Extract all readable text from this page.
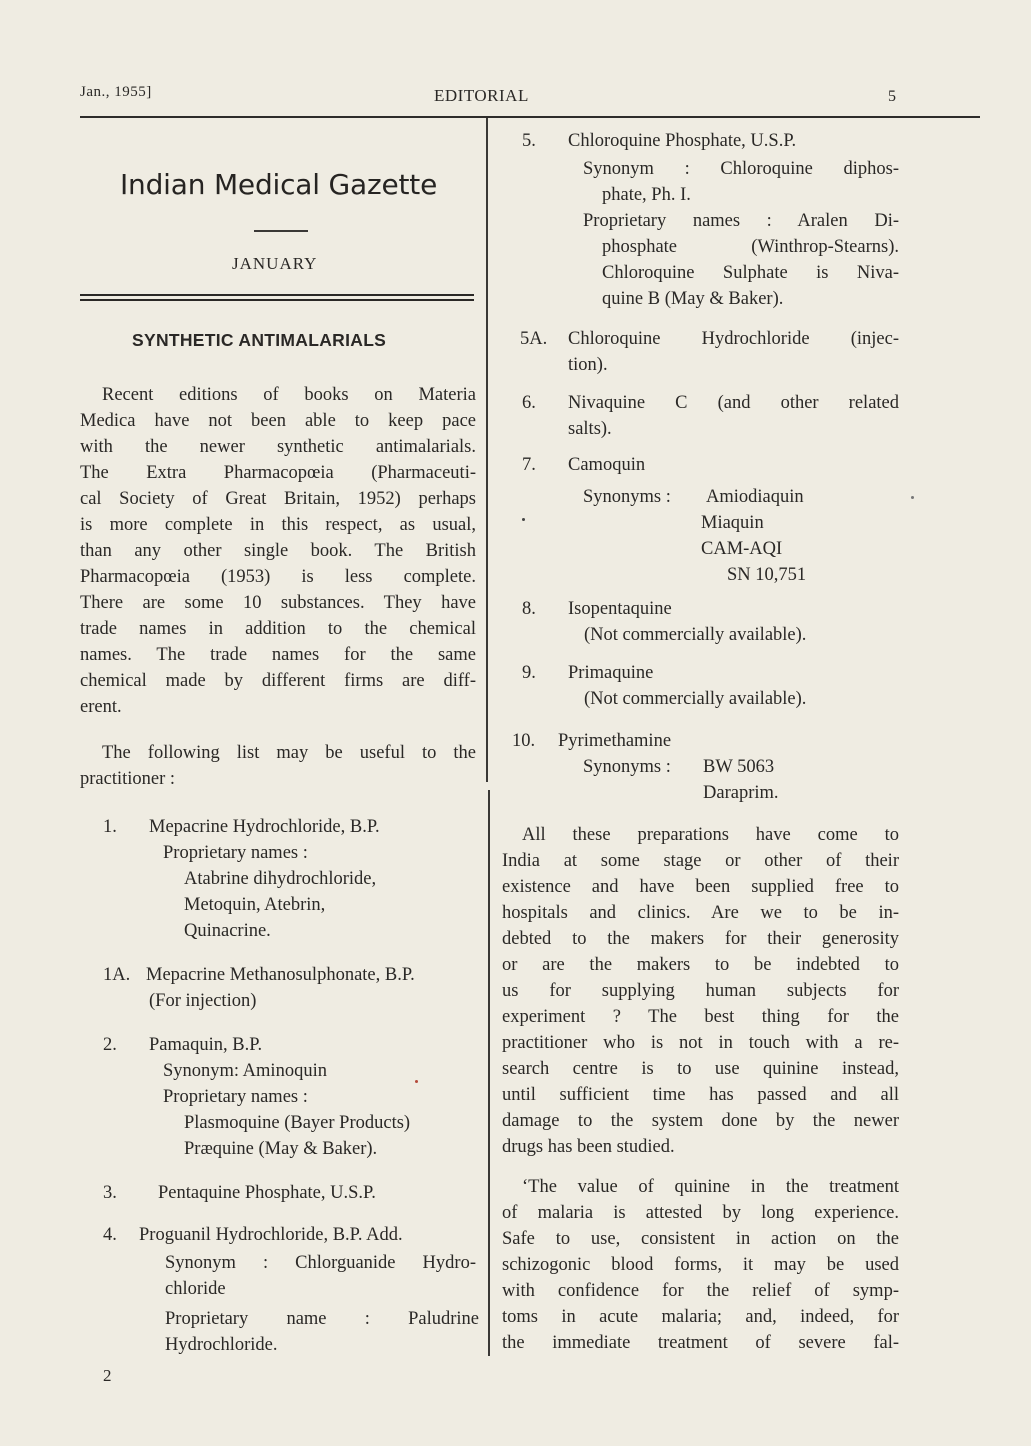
Jan., 1955]	EDITORIAL	5
Indian Medical Gazette
JANUARY
SYNTHETIC ANTIMALARIALS
Recent editions of books on Materia
Medica have not been able to keep pace
with the newer synthetic antimalarials.
The Extra Pharmacopœia (Pharmaceuti-
cal Society of Great Britain, 1952) perhaps
is more complete in this respect, as usual,
than any other single book. The British
Pharmacopœia (1953) is less complete.
There are some 10 substances. They have
trade names in addition to the chemical
names. The trade names for the same
chemical made by different firms are diff-
erent.
The following list may be useful to the
practitioner :
1. Mepacrine Hydrochloride, B.P.
Proprietary names :
Atabrine dihydrochloride,
Metoquin, Atebrin,
Quinacrine.
1A. Mepacrine Methanosulphonate, B.P.
(For injection)
2. Pamaquin, B.P.
Synonym: Aminoquin
Proprietary names :
Plasmoquine (Bayer Products)
Præquine (May & Baker).
3. Pentaquine Phosphate, U.S.P.
4. Proguanil Hydrochloride, B.P. Add.
Synonym : Chlorguanide Hydro-
chloride
Proprietary name : Paludrine
Hydrochloride.
2
5. Chloroquine Phosphate, U.S.P.
Synonym : Chloroquine diphos-
phate, Ph. I.
Proprietary names : Aralen Di-
phosphate (Winthrop-Stearns).
Chloroquine Sulphate is Niva-
quine B (May & Baker).
5A. Chloroquine Hydrochloride (injec-
tion).
6. Nivaquine C (and other related
salts).
7. Camoquin
Synonyms : Amiodiaquin
Miaquin
CAM-AQI
SN 10,751
8. Isopentaquine
(Not commercially available).
9. Primaquine
(Not commercially available).
10. Pyrimethamine
Synonyms : BW 5063
Daraprim.
All these preparations have come to
India at some stage or other of their
existence and have been supplied free to
hospitals and clinics. Are we to be in-
debted to the makers for their generosity
or are the makers to be indebted to
us for supplying human subjects for
experiment ? The best thing for the
practitioner who is not in touch with a re-
search centre is to use quinine instead,
until sufficient time has passed and all
damage to the system done by the newer
drugs has been studied.
‘The value of quinine in the treatment
of malaria is attested by long experience.
Safe to use, consistent in action on the
schizogonic blood forms, it may be used
with confidence for the relief of symp-
toms in acute malaria; and, indeed, for
the immediate treatment of severe fal-
